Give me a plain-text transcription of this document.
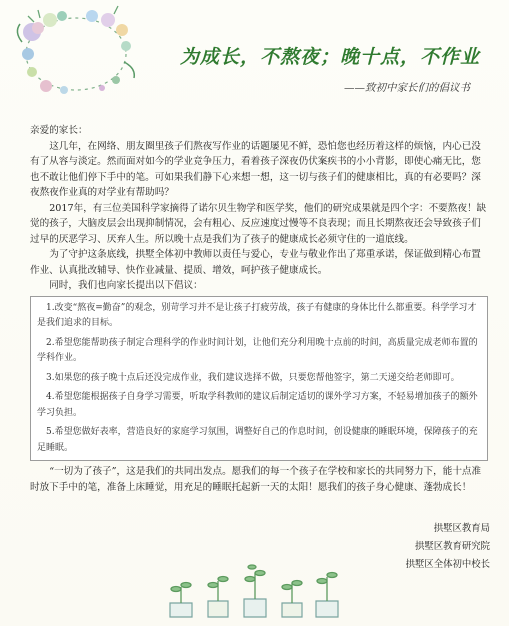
为成长，不熬夜；晚十点，不作业
——致初中家长们的倡议书

亲爱的家长：

这几年，在网络、朋友圈里孩子们熬夜写作业的话题屡见不鲜，恐怕您也经历着这样的烦恼，内心已没有了从容与淡定。然而面对如今的学业竞争压力，看着孩子深夜仍伏案疾书的小小背影，即使心痛无比，您也不敢让他们停下手中的笔。可如果我们静下心来想一想，这一切与孩子们的健康相比，真的有必要吗？深夜熬夜作业真的对学业有帮助吗？

2017年，有三位美国科学家摘得了诺尔贝生物学和医学奖，他们的研究成果就是四个字：不要熬夜！缺觉的孩子，大脑皮层会出现抑制情况，会有粗心、反应速度过慢等不良表现；而且长期熬夜还会导致孩子们过早的厌恶学习、厌弃人生。所以晚十点是我们为了孩子的健康成长必须守住的一道底线。

为了守护这条底线，拱墅全体初中教师以责任与爱心，专业与敬业作出了郑重承诺，保证做到精心布置作业、认真批改辅导、快作业减量、提质、增效，呵护孩子健康成长。

同时，我们也向家长提出以下倡议：

1.改变“熬夜=勤奋”的观念，别苛学习并不是让孩子打疲劳战，孩子有健康的身体比什么都重要。科学学习才是我们追求的目标。

2.希望您能帮助孩子制定合理科学的作业时间计划，让他们充分利用晚十点前的时间，高质量完成老师布置的学科作业。

3.如果您的孩子晚十点后还没完成作业，我们建议选择不做，只要您帮他签字，第二天递交给老师即可。

4.希望您能根据孩子自身学习需要，听取学科教师的建议后制定适切的课外学习方案，不轻易增加孩子的额外学习负担。

5.希望您做好表率，营造良好的家庭学习氛围，调整好自己的作息时间，创设健康的睡眠环境，保障孩子的充足睡眠。

“一切为了孩子”，这是我们的共同出发点。愿我们的每一个孩子在学校和家长的共同努力下，能十点准时放下手中的笔，准备上床睡觉，用充足的睡眠托起新一天的太阳！愿我们的孩子身心健康、蓬勃成长！

拱墅区教育局
拱墅区教育研究院
拱墅区全体初中校长
